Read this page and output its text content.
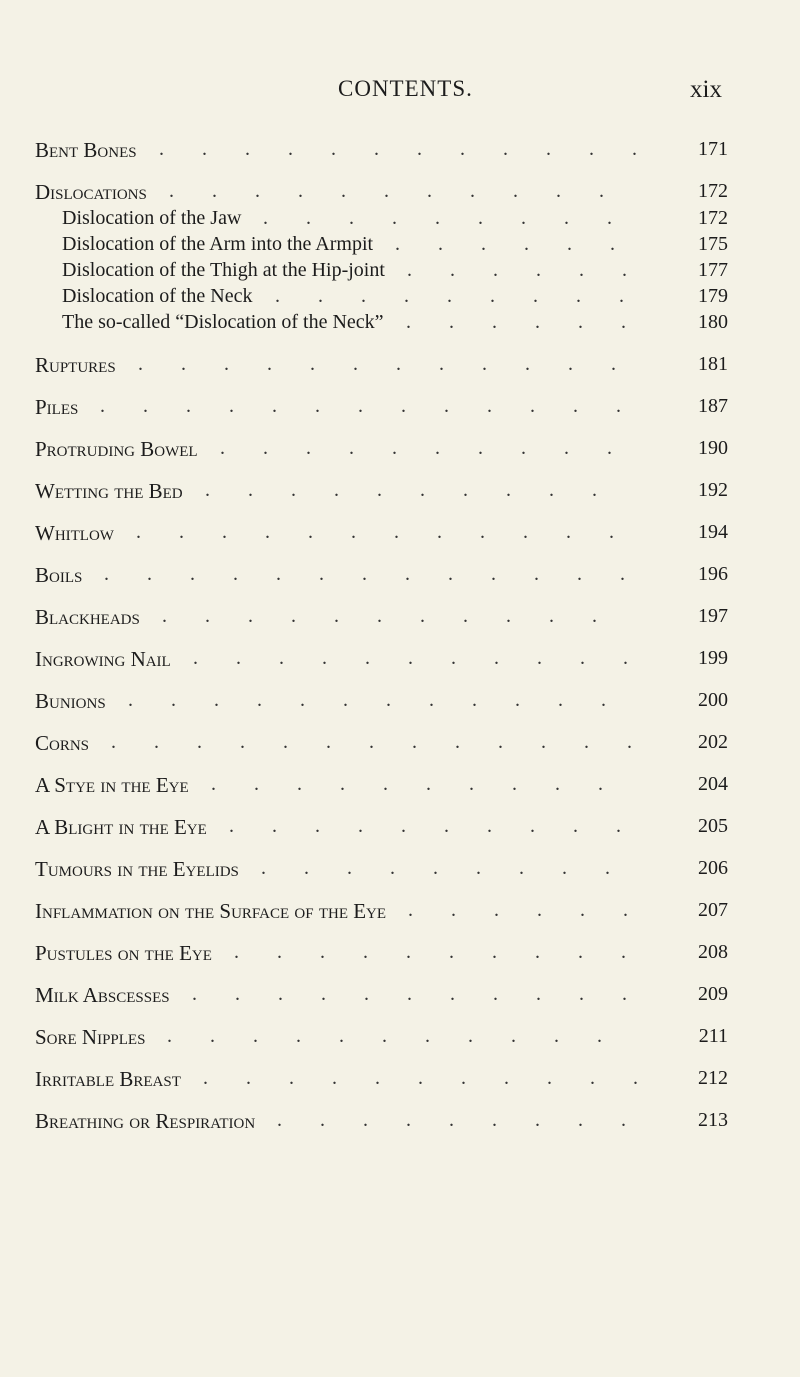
CONTENTS.	xix
Bent Bones ............ 171
Dislocations ...........	172
Dislocation of the Jaw ......... 172
Dislocation of the Arm into the Armpit ...... 175
Dislocation of the Thigh at the Hip-joint ...... 177
Dislocation of the Neck ......... 179
The so-called “Dislocation of the Neck” ...... 180
Ruptures ............ 181
Piles ............. 187
Protruding Bowel .......... 190
Wetting the Bed ..........	192
Whitlow ............ 194
Boils ............. 196
Blackheads ...........	197
Ingrowing Nail ........... 199
Bunions ............	200
Corns ............. 202
A Stye in the Eye ..........	204
A Blight in the Eye .......... 205
Tumours in the Eyelids .........	206
Inflammation on the Surface of the Eye ...... 207
Pustules on the Eye .......... 208
Milk Abscesses ........... 209
Sore Nipples ...........	211
Irritable Breast ........... 212
Breathing or Respiration ......... 213
